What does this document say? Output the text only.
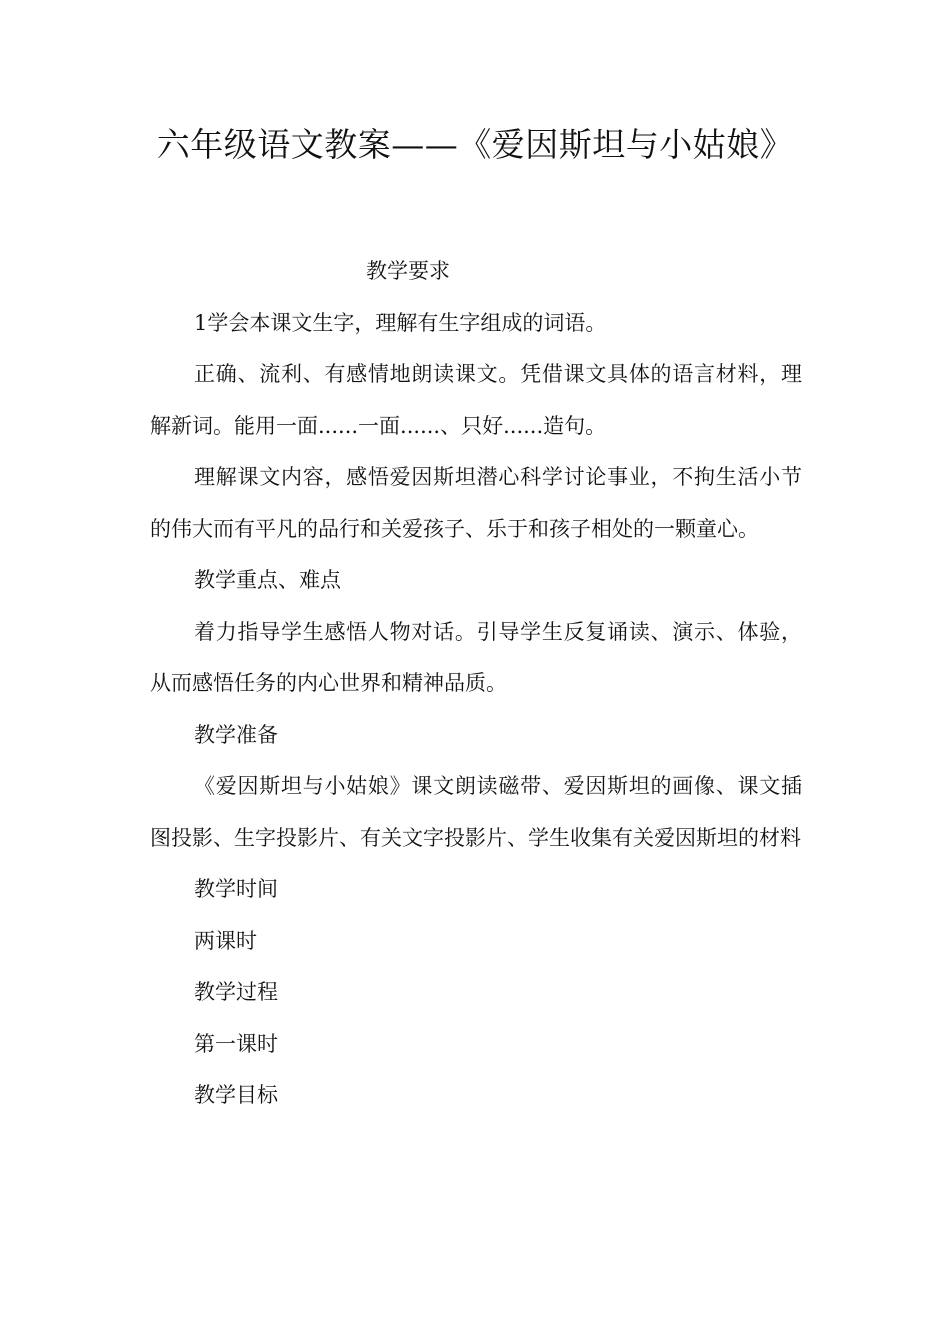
六年级语文教案——《爱因斯坦与小姑娘》

教学要求

1学会本课文生字，理解有生字组成的词语。

正确、流利、有感情地朗读课文。凭借课文具体的语言材料，理解新词。能用一面......一面......、只好......造句。

理解课文内容，感悟爱因斯坦潜心科学讨论事业，不拘生活小节的伟大而有平凡的品行和关爱孩子、乐于和孩子相处的一颗童心。

教学重点、难点

着力指导学生感悟人物对话。引导学生反复诵读、演示、体验，从而感悟任务的内心世界和精神品质。

教学准备

《爱因斯坦与小姑娘》课文朗读磁带、爱因斯坦的画像、课文插图投影、生字投影片、有关文字投影片、学生收集有关爱因斯坦的材料

教学时间

两课时

教学过程

第一课时

教学目标
